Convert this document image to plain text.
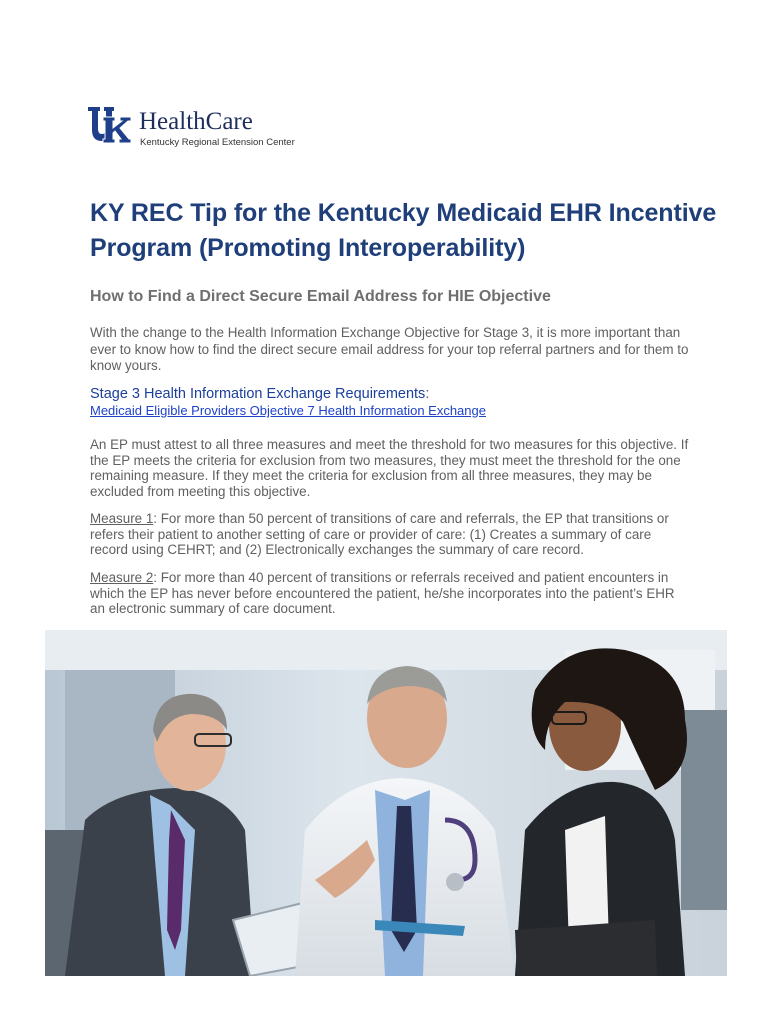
HealthCare
Kentucky Regional Extension Center
KY REC Tip for the Kentucky Medicaid EHR Incentive Program (Promoting Interoperability)
How to Find a Direct Secure Email Address for HIE Objective

With the change to the Health Information Exchange Objective for Stage 3, it is more important than ever to know how to find the direct secure email address for your top referral partners and for them to know yours.

Stage 3 Health Information Exchange Requirements:

Medicaid Eligible Providers Objective 7 Health Information Exchange

An EP must attest to all three measures and meet the threshold for two measures for this objective. If the EP meets the criteria for exclusion from two measures, they must meet the threshold for the one remaining measure. If they meet the criteria for exclusion from all three measures, they may be excluded from meeting this objective.

Measure 1: For more than 50 percent of transitions of care and referrals, the EP that transitions or refers their patient to another setting of care or provider of care: (1) Creates a summary of care record using CEHRT; and (2) Electronically exchanges the summary of care record.

Measure 2: For more than 40 percent of transitions or referrals received and patient encounters in which the EP has never before encountered the patient, he/she incorporates into the patient’s EHR an electronic summary of care document.
